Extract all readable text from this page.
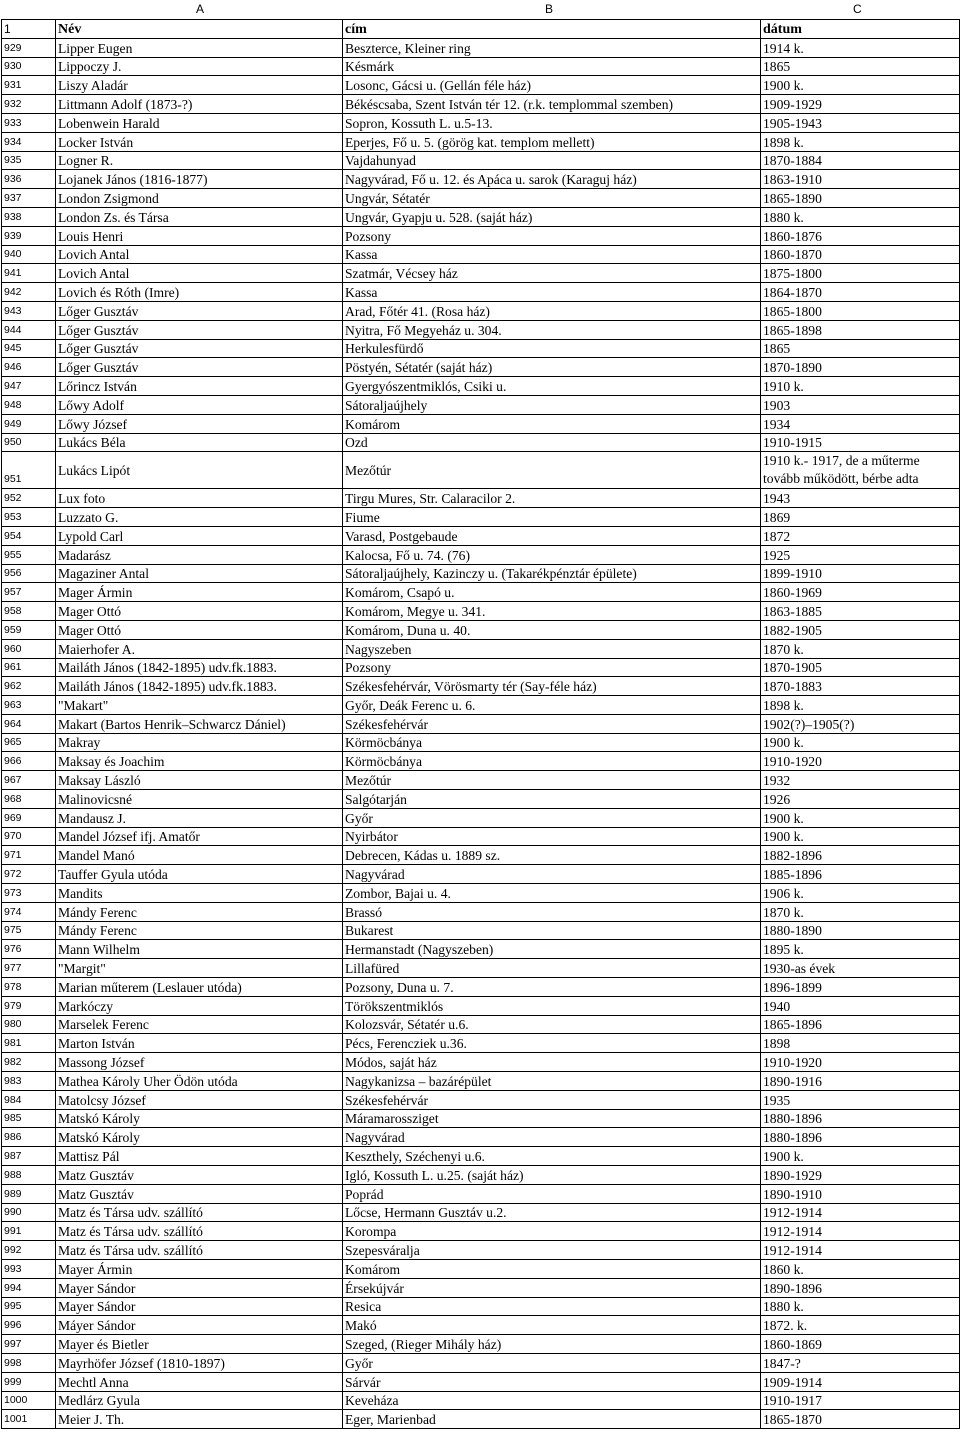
A	B	C
1	Név	cím	dátum
929	Lipper Eugen	Beszterce, Kleiner ring	1914 k.
930	Lippoczy J.	Késmárk	1865
931	Liszy Aladár	Losonc, Gácsi u. (Gellán féle ház)	1900 k.
932	Littmann Adolf (1873-?)	Békéscsaba, Szent István tér 12. (r.k. templommal szemben)	1909-1929
933	Lobenwein Harald	Sopron, Kossuth L. u.5-13.	1905-1943
934	Locker István	Eperjes, Fő u. 5. (görög kat. templom mellett)	1898 k.
935	Logner R.	Vajdahunyad	1870-1884
936	Lojanek János (1816-1877)	Nagyvárad, Fő u. 12. és Apáca u. sarok (Karaguj ház)	1863-1910
937	London Zsigmond	Ungvár, Sétatér	1865-1890
938	London Zs. és Társa	Ungvár, Gyapju u. 528. (saját ház)	1880 k.
939	Louis Henri	Pozsony	1860-1876
940	Lovich Antal	Kassa	1860-1870
941	Lovich Antal	Szatmár, Vécsey ház	1875-1800
942	Lovich és Róth (Imre)	Kassa	1864-1870
943	Lőger Gusztáv	Arad, Főtér 41. (Rosa ház)	1865-1800
944	Lőger Gusztáv	Nyitra, Fő Megyeház u. 304.	1865-1898
945	Lőger Gusztáv	Herkulesfürdő	1865
946	Lőger Gusztáv	Pöstyén, Sétatér (saját ház)	1870-1890
947	Lőrincz István	Gyergyószentmiklós, Csiki u.	1910 k.
948	Lőwy Adolf	Sátoraljaújhely	1903
949	Lőwy József	Komárom	1934
950	Lukács Béla	Ozd	1910-1915
951	Lukács Lipót	Mezőtúr	1910 k.- 1917, de a műterme tovább működött, bérbe adta
952	Lux foto	Tirgu Mures, Str. Calaracilor 2.	1943
953	Luzzato G.	Fiume	1869
954	Lypold Carl	Varasd, Postgebaude	1872
955	Madarász	Kalocsa, Fő u. 74. (76)	1925
956	Magaziner Antal	Sátoraljaújhely, Kazinczy u. (Takarékpénztár épülete)	1899-1910
957	Mager Ármin	Komárom, Csapó u.	1860-1969
958	Mager Ottó	Komárom, Megye u. 341.	1863-1885
959	Mager Ottó	Komárom, Duna u. 40.	1882-1905
960	Maierhofer A.	Nagyszeben	1870 k.
961	Mailáth János (1842-1895) udv.fk.1883.	Pozsony	1870-1905
962	Mailáth János (1842-1895) udv.fk.1883.	Székesfehérvár, Vörösmarty tér (Say-féle ház)	1870-1883
963	"Makart"	Győr, Deák Ferenc u. 6.	1898 k.
964	Makart (Bartos Henrik–Schwarcz Dániel)	Székesfehérvár	1902(?)–1905(?)
965	Makray	Körmöcbánya	1900 k.
966	Maksay és Joachim	Körmöcbánya	1910-1920
967	Maksay László	Mezőtúr	1932
968	Malinovicsné	Salgótarján	1926
969	Mandausz J.	Győr	1900 k.
970	Mandel József ifj. Amatőr	Nyirbátor	1900 k.
971	Mandel Manó	Debrecen, Kádas u. 1889 sz.	1882-1896
972	Tauffer Gyula utóda	Nagyvárad	1885-1896
973	Mandits	Zombor, Bajai u. 4.	1906 k.
974	Mándy Ferenc	Brassó	1870 k.
975	Mándy Ferenc	Bukarest	1880-1890
976	Mann Wilhelm	Hermanstadt (Nagyszeben)	1895 k.
977	"Margit"	Lillafüred	1930-as évek
978	Marian műterem (Leslauer utóda)	Pozsony, Duna u. 7.	1896-1899
979	Markóczy	Törökszentmiklós	1940
980	Marselek Ferenc	Kolozsvár, Sétatér u.6.	1865-1896
981	Marton István	Pécs, Ferencziek u.36.	1898
982	Massong József	Módos, saját ház	1910-1920
983	Mathea Károly Uher Ödön utóda	Nagykanizsa – bazárépület	1890-1916
984	Matolcsy József	Székesfehérvár	1935
985	Matskó Károly	Máramarossziget	1880-1896
986	Matskó Károly	Nagyvárad	1880-1896
987	Mattisz Pál	Keszthely, Széchenyi u.6.	1900 k.
988	Matz Gusztáv	Igló, Kossuth L. u.25. (saját ház)	1890-1929
989	Matz Gusztáv	Poprád	1890-1910
990	Matz és Társa udv. szállító	Lőcse, Hermann Gusztáv u.2.	1912-1914
991	Matz és Társa udv. szállító	Korompa	1912-1914
992	Matz és Társa udv. szállító	Szepesváralja	1912-1914
993	Mayer Ármin	Komárom	1860 k.
994	Mayer Sándor	Érsekújvár	1890-1896
995	Mayer Sándor	Resica	1880 k.
996	Máyer Sándor	Makó	1872. k.
997	Mayer és Bietler	Szeged, (Rieger Mihály ház)	1860-1869
998	Mayrhöfer József (1810-1897)	Győr	1847-?
999	Mechtl Anna	Sárvár	1909-1914
1000	Medlárz Gyula	Keveháza	1910-1917
1001	Meier J. Th.	Eger, Marienbad	1865-1870
